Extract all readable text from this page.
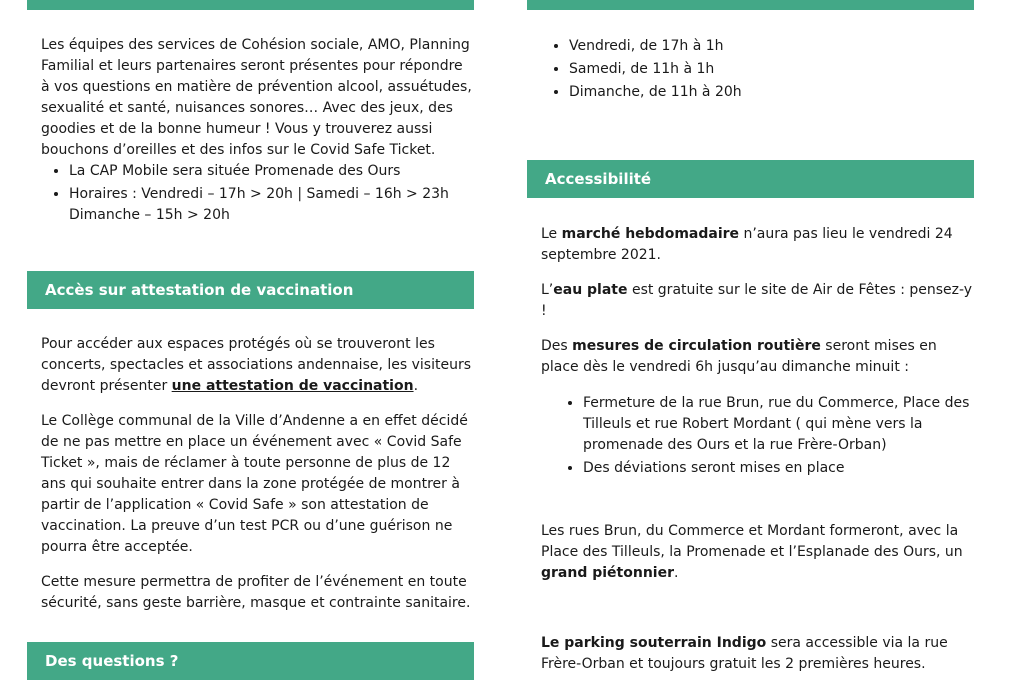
Les équipes des services de Cohésion sociale, AMO, Planning Familial et leurs partenaires seront présentes pour répondre à vos questions en matière de prévention alcool, assuétudes, sexualité et santé, nuisances sonores… Avec des jeux, des goodies et de la bonne humeur ! Vous y trouverez aussi bouchons d’oreilles et des infos sur le Covid Safe Ticket.

• La CAP Mobile sera située Promenade des Ours
• Horaires : Vendredi – 17h > 20h | Samedi – 16h > 23h Dimanche – 15h > 20h
Accès sur attestation de vaccination

Pour accéder aux espaces protégés où se trouveront les concerts, spectacles et associations andennaise, les visiteurs devront présenter une attestation de vaccination.

Le Collège communal de la Ville d’Andenne a en effet décidé de ne pas mettre en place un événement avec « Covid Safe Ticket », mais de réclamer à toute personne de plus de 12 ans qui souhaite entrer dans la zone protégée de montrer à partir de l’application « Covid Safe » son attestation de vaccination. La preuve d’un test PCR ou d’une guérison ne pourra être acceptée.

Cette mesure permettra de profiter de l’événement en toute sécurité, sans geste barrière, masque et contrainte sanitaire.

Des questions ?
• Vendredi, de 17h à 1h
• Samedi, de 11h à 1h
• Dimanche, de 11h à 20h
Accessibilité

Le marché hebdomadaire n’aura pas lieu le vendredi 24 septembre 2021.

L’eau plate est gratuite sur le site de Air de Fêtes : pensez-y !

Des mesures de circulation routière seront mises en place dès le vendredi 6h jusqu’au dimanche minuit :

• Fermeture de la rue Brun, rue du Commerce, Place des Tilleuls et rue Robert Mordant ( qui mène vers la promenade des Ours et la rue Frère-Orban)
• Des déviations seront mises en place

Les rues Brun, du Commerce et Mordant formeront, avec la Place des Tilleuls, la Promenade et l’Esplanade des Ours, un grand piétonnier.

Le parking souterrain Indigo sera accessible via la rue Frère-Orban et toujours gratuit les 2 premières heures.
